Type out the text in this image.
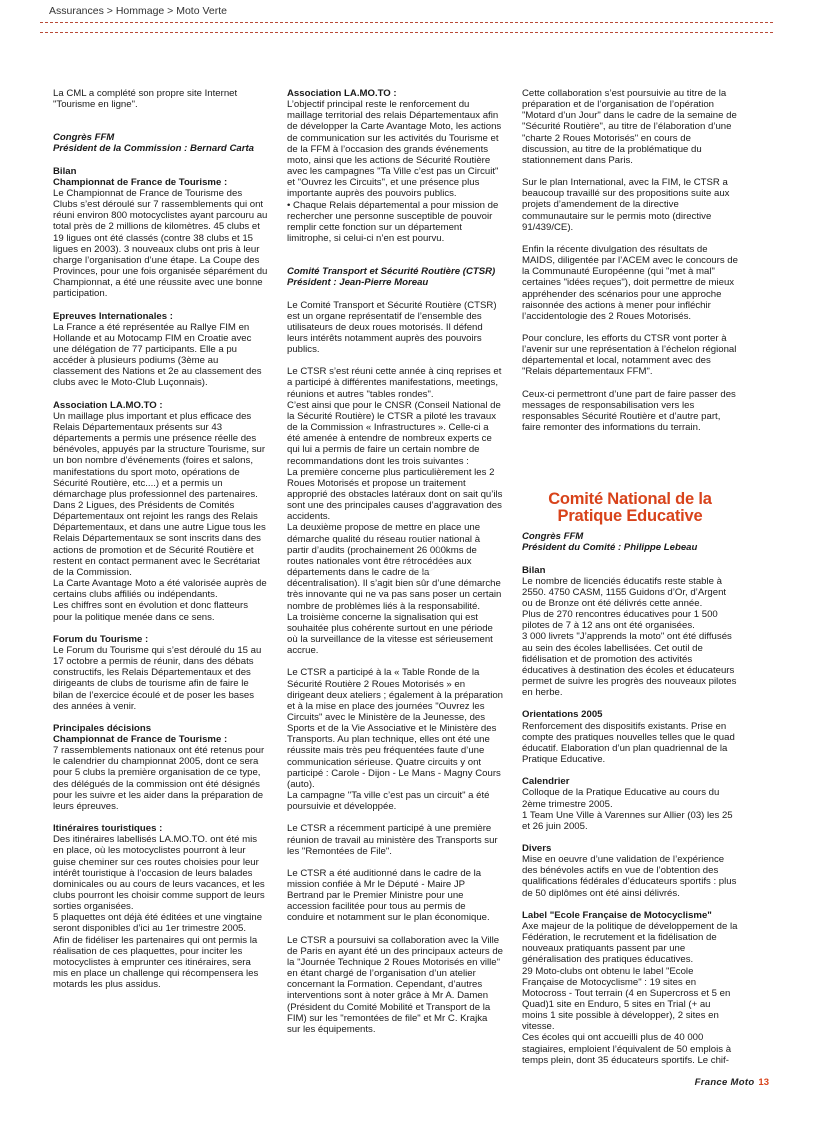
Assurances > Hommage > Moto Verte

La CML a complété son propre site Internet "Tourisme en ligne".

Congrès FFM
Président de la Commission : Bernard Carta
Bilan
Championnat de France de Tourisme :

Le Championnat de France de Tourisme des Clubs s’est déroulé sur 7 rassemblements qui ont réuni environ 800 motocyclistes ayant parcouru au total près de 2 millions de kilomètres. 45 clubs et 19 ligues ont été classés (contre 38 clubs et 15 ligues en 2003). 3 nouveaux clubs ont pris à leur charge l’organisation d’une étape. La Coupe des Provinces, pour une fois organisée séparément du Championnat, a été une réussite avec une bonne participation.

Epreuves Internationales :

La France a été représentée au Rallye FIM en Hollande et au Motocamp FIM en Croatie avec une délégation de 77 participants. Elle a pu accéder à plusieurs podiums (3ème au classement des Nations et 2e au classement des clubs avec le Moto-Club Luçonnais).

Association LA.MO.TO :
Un maillage plus important et plus efficace des Relais Départementaux présents sur 43 départements a permis une présence réelle des bénévoles, appuyés par la structure Tourisme, sur un bon nombre d’événements (foires et salons, manifestations du sport moto, opérations de Sécurité Routière, etc....) et a permis un démarchage plus professionnel des partenaires.
Dans 2 Ligues, des Présidents de Comités Départementaux ont rejoint les rangs des Relais Départementaux, et dans une autre Ligue tous les Relais Départementaux se sont inscrits dans des actions de promotion et de Sécurité Routière et restent en contact permanent avec le Secrétariat de la Commission.
La Carte Avantage Moto a été valorisée auprès de certains clubs affiliés ou indépendants.

Les chiffres sont en évolution et donc flatteurs pour la politique menée dans ce sens.

Forum du Tourisme :

Le Forum du Tourisme qui s’est déroulé du 15 au 17 octobre a permis de réunir, dans des débats constructifs, les Relais Départementaux et des dirigeants de clubs de tourisme afin de faire le bilan de l’exercice écoulé et de poser les bases des années à venir.

Principales décisions
Championnat de France de Tourisme :

7 rassemblements nationaux ont été retenus pour le calendrier du championnat 2005, dont ce sera pour 5 clubs la première organisation de ce type, des délégués de la commission ont été désignés pour les suivre et les aider dans la préparation de leurs épreuves.

Itinéraires touristiques :
Des itinéraires labellisés LA.MO.TO. ont été mis en place, où les motocyclistes pourront à leur guise cheminer sur ces routes choisies pour leur intérêt touristique à l’occasion de leurs balades dominicales ou au cours de leurs vacances, et les clubs pourront les choisir comme support de leurs sorties organisées.
5 plaquettes ont déjà été éditées et une vingtaine seront disponibles d’ici au 1er trimestre 2005.
Afin de fidéliser les partenaires qui ont permis la réalisation de ces plaquettes, pour inciter les motocyclistes à emprunter ces itinéraires, sera mis en place un challenge qui récompensera les motards les plus assidus.
Association LA.MO.TO :
L’objectif principal reste le renforcement du maillage territorial des relais Départementaux afin de développer la Carte Avantage Moto, les actions de communication sur les activités du Tourisme et de la FFM à l’occasion des grands événements moto, ainsi que les actions de Sécurité Routière avec les campagnes "Ta Ville c’est pas un Circuit" et "Ouvrez les Circuits", et une présence plus importante auprès des pouvoirs publics.

• Chaque Relais départemental a pour mission de rechercher une personne susceptible de pouvoir remplir cette fonction sur un département limitrophe, si celui-ci n’en est pourvu.

Comité Transport et Sécurité Routière (CTSR)
Président : Jean-Pierre Moreau

Le Comité Transport et Sécurité Routière (CTSR) est un organe représentatif de l’ensemble des utilisateurs de deux roues motorisés. Il défend leurs intérêts notamment auprès des pouvoirs publics.

Le CTSR s’est réuni cette année à cinq reprises et a participé à différentes manifestations, meetings, réunions et autres "tables rondes".
C’est ainsi que pour le CNSR (Conseil National de la Sécurité Routière) le CTSR a piloté les travaux de la Commission « Infrastructures ». Celle-ci a été amenée à entendre de nombreux experts ce qui lui a permis de faire un certain nombre de recommandations dont les trois suivantes :
La première concerne plus particulièrement les 2 Roues Motorisés et propose un traitement approprié des obstacles latéraux dont on sait qu’ils sont une des principales causes d’aggravation des accidents.
La deuxième propose de mettre en place une démarche qualité du réseau routier national à partir d’audits (prochainement 26 000kms de routes nationales vont être rétrocédées aux départements dans le cadre de la décentralisation). Il s’agit bien sûr d’une démarche très innovante qui ne va pas sans poser un certain nombre de problèmes liés à la responsabilité.

La troisième concerne la signalisation qui est souhaitée plus cohérente surtout en une période où la surveillance de la vitesse est sérieusement accrue.

Le CTSR a participé à la « Table Ronde de la Sécurité Routière 2 Roues Motorisés » en dirigeant deux ateliers ; également à la préparation et à la mise en place des journées "Ouvrez les Circuits" avec le Ministère de la Jeunesse, des Sports et de la Vie Associative et le Ministère des Transports. Au plan technique, elles ont été une réussite mais très peu fréquentées faute d’une communication sérieuse. Quatre circuits y ont participé : Carole - Dijon - Le Mans - Magny Cours (auto).

La campagne "Ta ville c’est pas un circuit" a été poursuivie et développée.

Le CTSR a récemment participé à une première réunion de travail au ministère des Transports sur les "Remontées de File".

Le CTSR a été auditionné dans le cadre de la mission confiée à Mr le Député - Maire JP Bertrand par le Premier Ministre pour une accession facilitée pour tous au permis de conduire et notamment sur le plan économique.

Le CTSR a poursuivi sa collaboration avec la Ville de Paris en ayant été un des principaux acteurs de la "Journée Technique 2 Roues Motorisés en ville" en étant chargé de l’organisation d’un atelier concernant la Formation. Cependant, d’autres interventions sont à noter grâce à Mr A. Damen (Président du Comité Mobilité et Transport de la FIM) sur les "remontées de file" et Mr C. Krajka sur les équipements.

Cette collaboration s’est poursuivie au titre de la préparation et de l’organisation de l’opération "Motard d’un Jour" dans le cadre de la semaine de "Sécurité Routière", au titre de l’élaboration d’une "charte 2 Roues Motorisés" en cours de discussion, au titre de la problématique du stationnement dans Paris.

Sur le plan International, avec la FIM, le CTSR a beaucoup travaillé sur des propositions suite aux projets d’amendement de la directive communautaire sur le permis moto (directive 91/439/CE).

Enfin la récente divulgation des résultats de MAIDS, diligentée par l’ACEM avec le concours de la Communauté Européenne (qui "met à mal" certaines "idées reçues"), doit permettre de mieux appréhender des scénarios pour une approche raisonnée des actions à mener pour infléchir l’accidentologie des 2 Roues Motorisés.

Pour conclure, les efforts du CTSR vont porter à l’avenir sur une représentation à l’échelon régional départemental et local, notamment avec des "Relais départementaux FFM".

Ceux-ci permettront d’une part de faire passer des messages de responsabilisation vers les responsables Sécurité Routière et d’autre part, faire remonter des informations du terrain.

Comité National de la Pratique Educative
Congrès FFM
Président du Comité : Philippe Lebeau
Bilan
Le nombre de licenciés éducatifs reste stable à 2550. 4750 CASM, 1155 Guidons d’Or, d’Argent ou de Bronze ont été délivrés cette année.
Plus de 270 rencontres éducatives pour 1 500 pilotes de 7 à 12 ans ont été organisées.

3 000 livrets "J’apprends la moto" ont été diffusés au sein des écoles labellisées. Cet outil de fidélisation et de promotion des activités éducatives à destination des écoles et éducateurs permet de suivre les progrès des nouveaux pilotes en herbe.

Orientations 2005

Renforcement des dispositifs existants. Prise en compte des pratiques nouvelles telles que le quad éducatif. Elaboration d’un plan quadriennal de la Pratique Educative.

Calendrier
Colloque de la Pratique Educative au cours du 2ème trimestre 2005.

1 Team Une Ville à Varennes sur Allier (03) les 25 et 26 juin 2005.

Divers

Mise en oeuvre d’une validation de l’expérience des bénévoles actifs en vue de l’obtention des qualifications fédérales d’éducateurs sportifs : plus de 50 diplômes ont été ainsi délivrés.

Label "Ecole Française de Motocyclisme"
Axe majeur de la politique de développement de la Fédération, le recrutement et la fidélisation de nouveaux pratiquants passent par une généralisation des pratiques éducatives.
29 Moto-clubs ont obtenu le label "Ecole Française de Motocyclisme" : 19 sites en Motocross - Tout terrain (4 en Supercross et 5 en Quad)1 site en Enduro, 5 sites en Trial (+ au moins 1 site possible à développer), 2 sites en vitesse.
Ces écoles qui ont accueilli plus de 40 000 stagiaires, emploient l’équivalent de 50 emplois à temps plein, dont 35 éducateurs sportifs. Le chif-
France Moto 13
